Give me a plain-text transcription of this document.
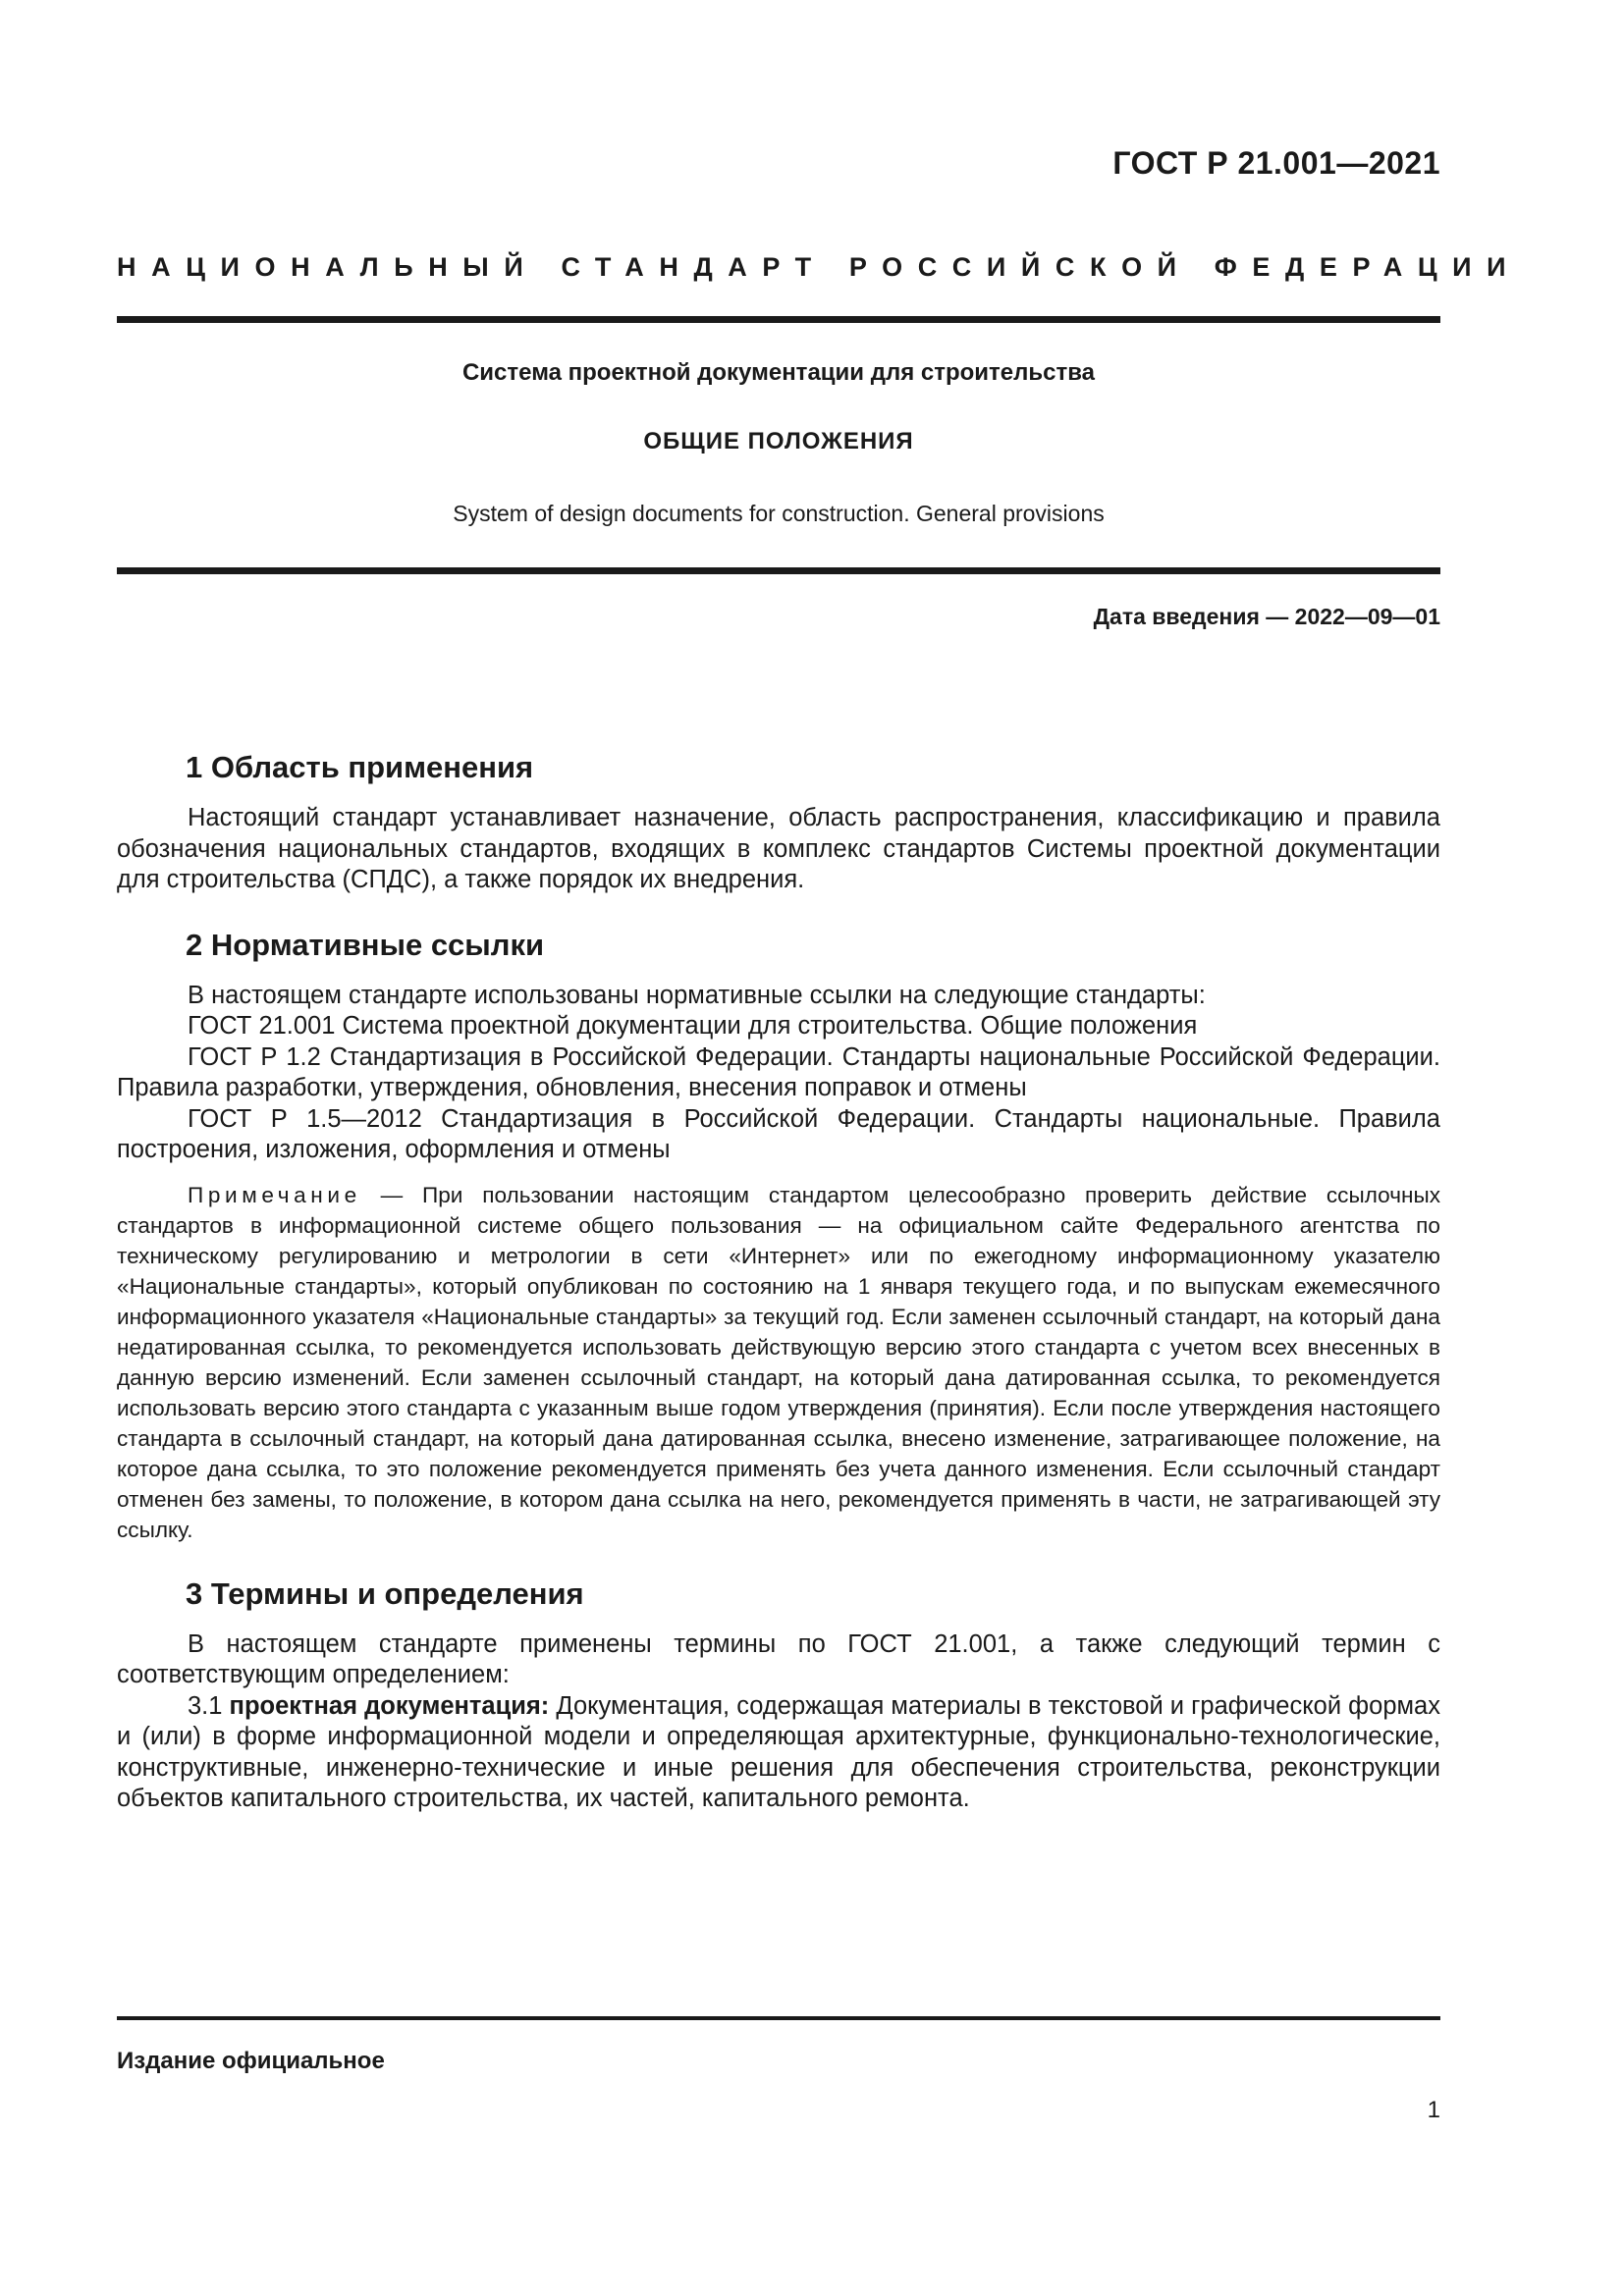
ГОСТ Р 21.001—2021
НАЦИОНАЛЬНЫЙ СТАНДАРТ РОССИЙСКОЙ ФЕДЕРАЦИИ
Система проектной документации для строительства
ОБЩИЕ ПОЛОЖЕНИЯ
System of design documents for construction. General provisions
Дата введения — 2022—09—01
1 Область применения

Настоящий стандарт устанавливает назначение, область распространения, классификацию и правила обозначения национальных стандартов, входящих в комплекс стандартов Системы проектной документации для строительства (СПДС), а также порядок их внедрения.

2 Нормативные ссылки

В настоящем стандарте использованы нормативные ссылки на следующие стандарты:

ГОСТ 21.001 Система проектной документации для строительства. Общие положения

ГОСТ Р 1.2 Стандартизация в Российской Федерации. Стандарты национальные Российской Федерации. Правила разработки, утверждения, обновления, внесения поправок и отмены

ГОСТ Р 1.5—2012 Стандартизация в Российской Федерации. Стандарты национальные. Правила построения, изложения, оформления и отмены

Примечание — При пользовании настоящим стандартом целесообразно проверить действие ссылочных стандартов в информационной системе общего пользования — на официальном сайте Федерального агентства по техническому регулированию и метрологии в сети «Интернет» или по ежегодному информационному указателю «Национальные стандарты», который опубликован по состоянию на 1 января текущего года, и по выпускам ежемесячного информационного указателя «Национальные стандарты» за текущий год. Если заменен ссылочный стандарт, на который дана недатированная ссылка, то рекомендуется использовать действующую версию этого стандарта с учетом всех внесенных в данную версию изменений. Если заменен ссылочный стандарт, на который дана датированная ссылка, то рекомендуется использовать версию этого стандарта с указанным выше годом утверждения (принятия). Если после утверждения настоящего стандарта в ссылочный стандарт, на который дана датированная ссылка, внесено изменение, затрагивающее положение, на которое дана ссылка, то это положение рекомендуется применять без учета данного изменения. Если ссылочный стандарт отменен без замены, то положение, в котором дана ссылка на него, рекомендуется применять в части, не затрагивающей эту ссылку.
3 Термины и определения

В настоящем стандарте применены термины по ГОСТ 21.001, а также следующий термин с соответствующим определением:

3.1 проектная документация: Документация, содержащая материалы в текстовой и графической формах и (или) в форме информационной модели и определяющая архитектурные, функционально-технологические, конструктивные, инженерно-технические и иные решения для обеспечения строительства, реконструкции объектов капитального строительства, их частей, капитального ремонта.

Издание официальное
1
